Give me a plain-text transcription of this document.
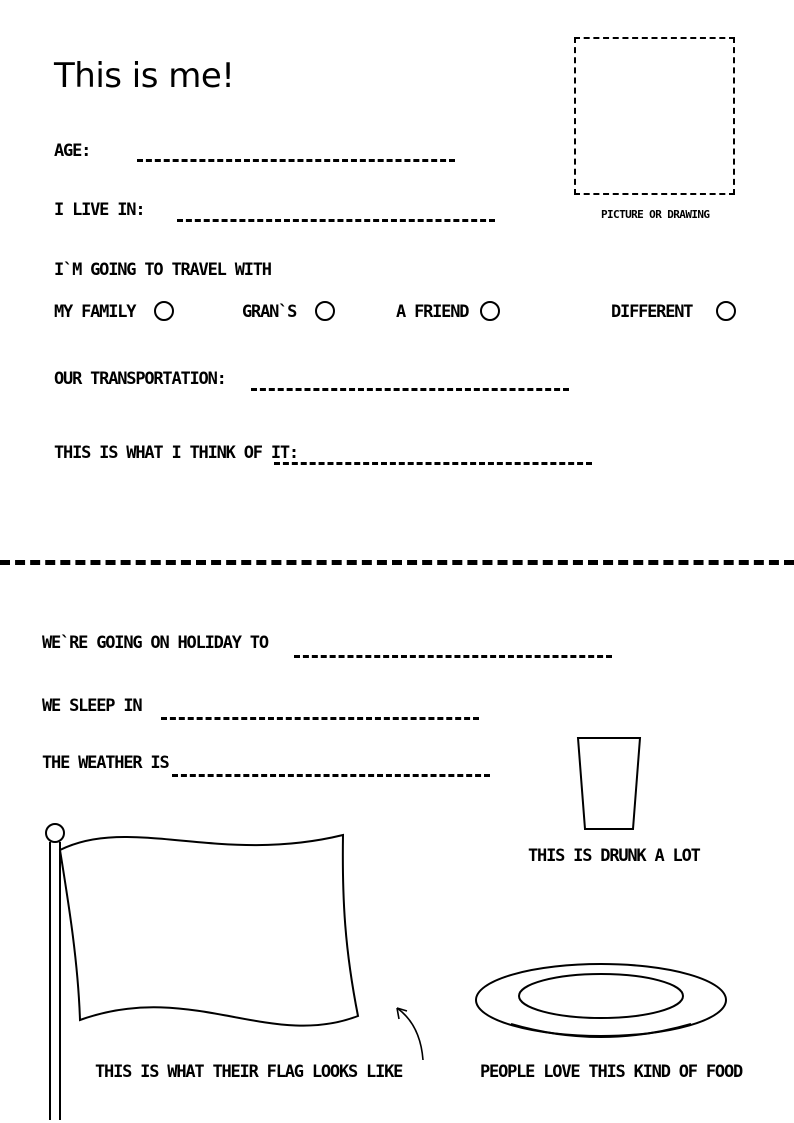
This is me!
PICTURE OR DRAWING
AGE:
I LIVE IN:
I`M GOING TO TRAVEL WITH
MY FAMILY	GRAN`S	A FRIEND	DIFFERENT
OUR TRANSPORTATION:
THIS IS WHAT I THINK OF IT:
WE`RE GOING ON HOLIDAY TO
WE SLEEP IN
THE WEATHER IS
THIS IS DRUNK A LOT
THIS IS WHAT THEIR FLAG LOOKS LIKE	PEOPLE LOVE THIS KIND OF FOOD
